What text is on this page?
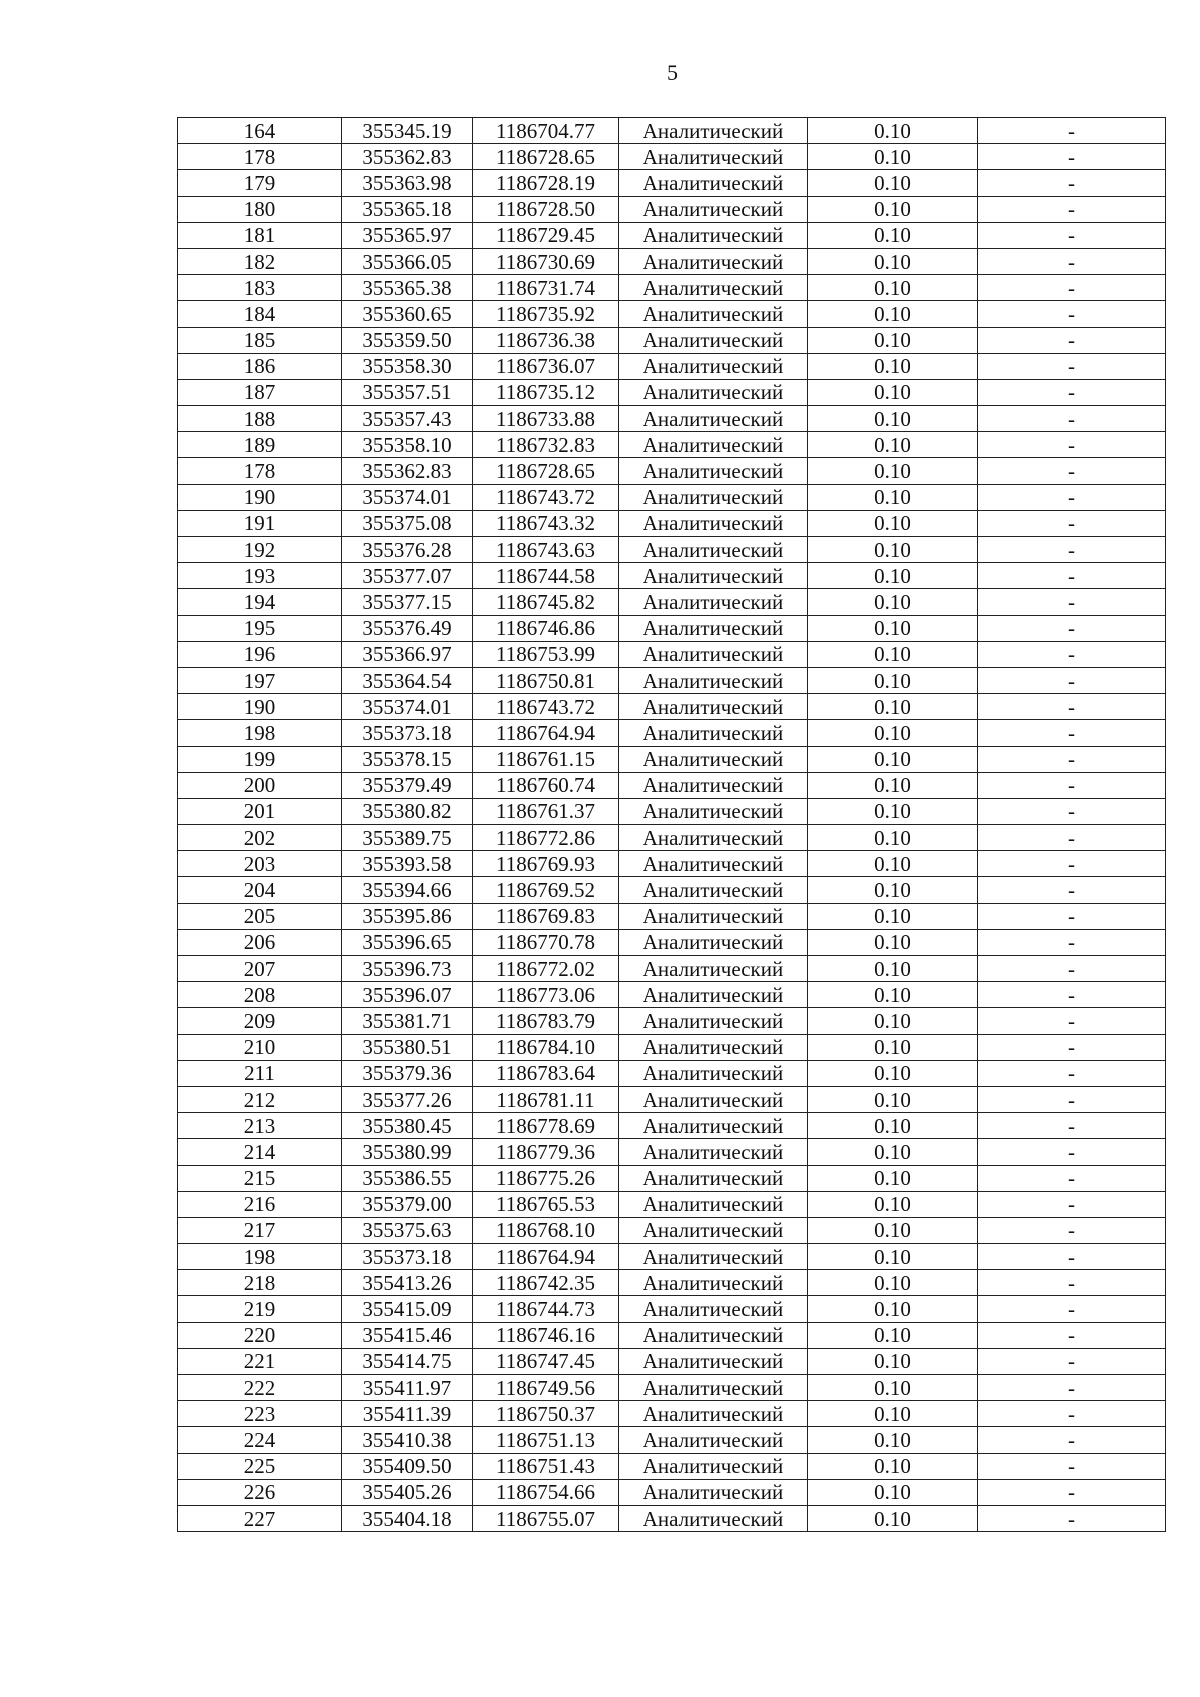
5
164	355345.19	1186704.77	Аналитический	0.10	-
178	355362.83	1186728.65	Аналитический	0.10	-
179	355363.98	1186728.19	Аналитический	0.10	-
180	355365.18	1186728.50	Аналитический	0.10	-
181	355365.97	1186729.45	Аналитический	0.10	-
182	355366.05	1186730.69	Аналитический	0.10	-
183	355365.38	1186731.74	Аналитический	0.10	-
184	355360.65	1186735.92	Аналитический	0.10	-
185	355359.50	1186736.38	Аналитический	0.10	-
186	355358.30	1186736.07	Аналитический	0.10	-
187	355357.51	1186735.12	Аналитический	0.10	-
188	355357.43	1186733.88	Аналитический	0.10	-
189	355358.10	1186732.83	Аналитический	0.10	-
178	355362.83	1186728.65	Аналитический	0.10	-
190	355374.01	1186743.72	Аналитический	0.10	-
191	355375.08	1186743.32	Аналитический	0.10	-
192	355376.28	1186743.63	Аналитический	0.10	-
193	355377.07	1186744.58	Аналитический	0.10	-
194	355377.15	1186745.82	Аналитический	0.10	-
195	355376.49	1186746.86	Аналитический	0.10	-
196	355366.97	1186753.99	Аналитический	0.10	-
197	355364.54	1186750.81	Аналитический	0.10	-
190	355374.01	1186743.72	Аналитический	0.10	-
198	355373.18	1186764.94	Аналитический	0.10	-
199	355378.15	1186761.15	Аналитический	0.10	-
200	355379.49	1186760.74	Аналитический	0.10	-
201	355380.82	1186761.37	Аналитический	0.10	-
202	355389.75	1186772.86	Аналитический	0.10	-
203	355393.58	1186769.93	Аналитический	0.10	-
204	355394.66	1186769.52	Аналитический	0.10	-
205	355395.86	1186769.83	Аналитический	0.10	-
206	355396.65	1186770.78	Аналитический	0.10	-
207	355396.73	1186772.02	Аналитический	0.10	-
208	355396.07	1186773.06	Аналитический	0.10	-
209	355381.71	1186783.79	Аналитический	0.10	-
210	355380.51	1186784.10	Аналитический	0.10	-
211	355379.36	1186783.64	Аналитический	0.10	-
212	355377.26	1186781.11	Аналитический	0.10	-
213	355380.45	1186778.69	Аналитический	0.10	-
214	355380.99	1186779.36	Аналитический	0.10	-
215	355386.55	1186775.26	Аналитический	0.10	-
216	355379.00	1186765.53	Аналитический	0.10	-
217	355375.63	1186768.10	Аналитический	0.10	-
198	355373.18	1186764.94	Аналитический	0.10	-
218	355413.26	1186742.35	Аналитический	0.10	-
219	355415.09	1186744.73	Аналитический	0.10	-
220	355415.46	1186746.16	Аналитический	0.10	-
221	355414.75	1186747.45	Аналитический	0.10	-
222	355411.97	1186749.56	Аналитический	0.10	-
223	355411.39	1186750.37	Аналитический	0.10	-
224	355410.38	1186751.13	Аналитический	0.10	-
225	355409.50	1186751.43	Аналитический	0.10	-
226	355405.26	1186754.66	Аналитический	0.10	-
227	355404.18	1186755.07	Аналитический	0.10	-
